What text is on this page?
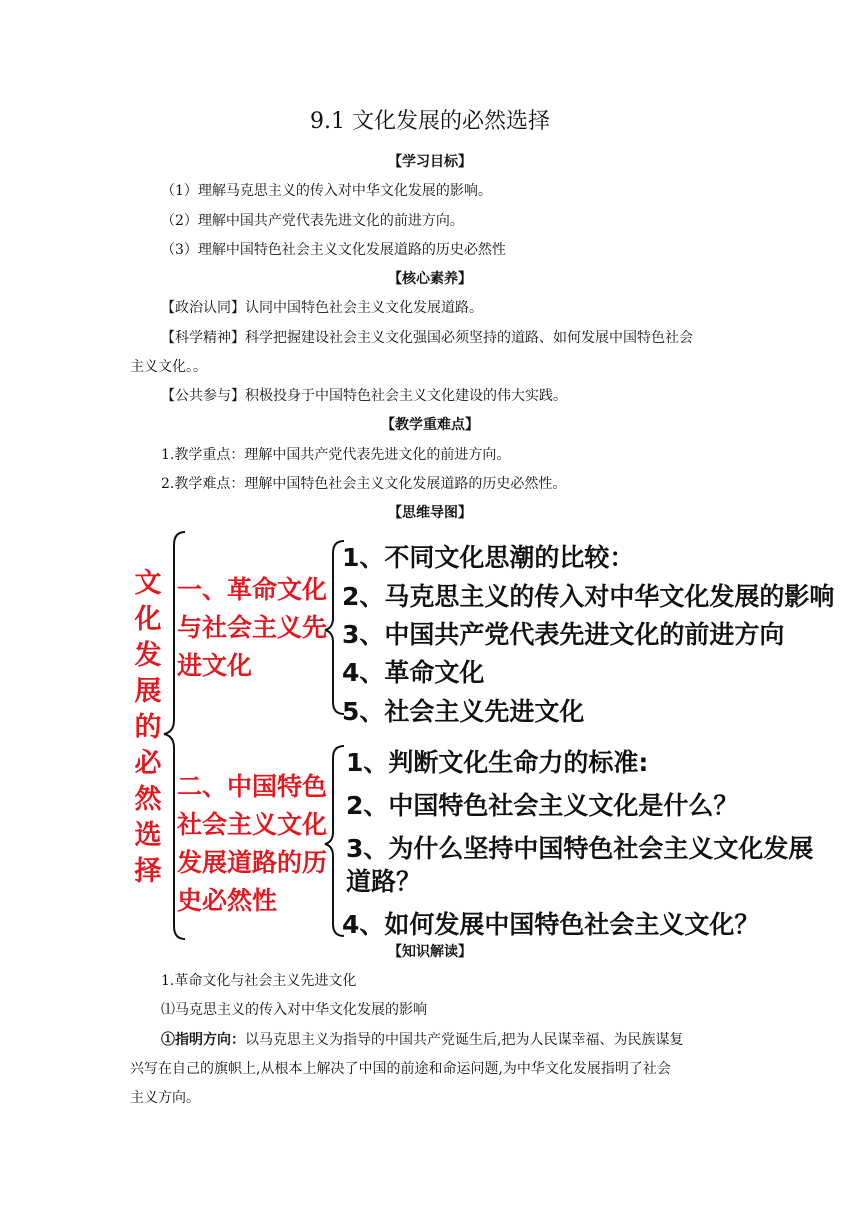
9.1 文化发展的必然选择
【学习目标】
（1）理解马克思主义的传入对中华文化发展的影响。
（2）理解中国共产党代表先进文化的前进方向。
（3）理解中国特色社会主义文化发展道路的历史必然性
【核心素养】
【政治认同】认同中国特色社会主义文化发展道路。
【科学精神】科学把握建设社会主义文化强国必须坚持的道路、如何发展中国特色社会
主义文化。。
【公共参与】积极投身于中国特色社会主义文化建设的伟大实践。
【教学重难点】
1.教学重点：理解中国共产党代表先进文化的前进方向。
2.教学难点：理解中国特色社会主义文化发展道路的历史必然性。
【思维导图】
文化发展的必然选择
一、革命文化
与社会主义先
进文化
1、不同文化思潮的比较：
2、马克思主义的传入对中华文化发展的影响
3、中国共产党代表先进文化的前进方向
4、革命文化
5、社会主义先进文化
二、中国特色
社会主义文化
发展道路的历
史必然性
1、判断文化生命力的标准:
2、中国特色社会主义文化是什么？
3、为什么坚持中国特色社会主义文化发展
道路？
4、如何发展中国特色社会主义文化？
【知识解读】
1.革命文化与社会主义先进文化
⑴马克思主义的传入对中华文化发展的影响
①指明方向：以马克思主义为指导的中国共产党诞生后,把为人民谋幸福、为民族谋复
兴写在自己的旗帜上,从根本上解决了中国的前途和命运问题,为中华文化发展指明了社会
主义方向。
